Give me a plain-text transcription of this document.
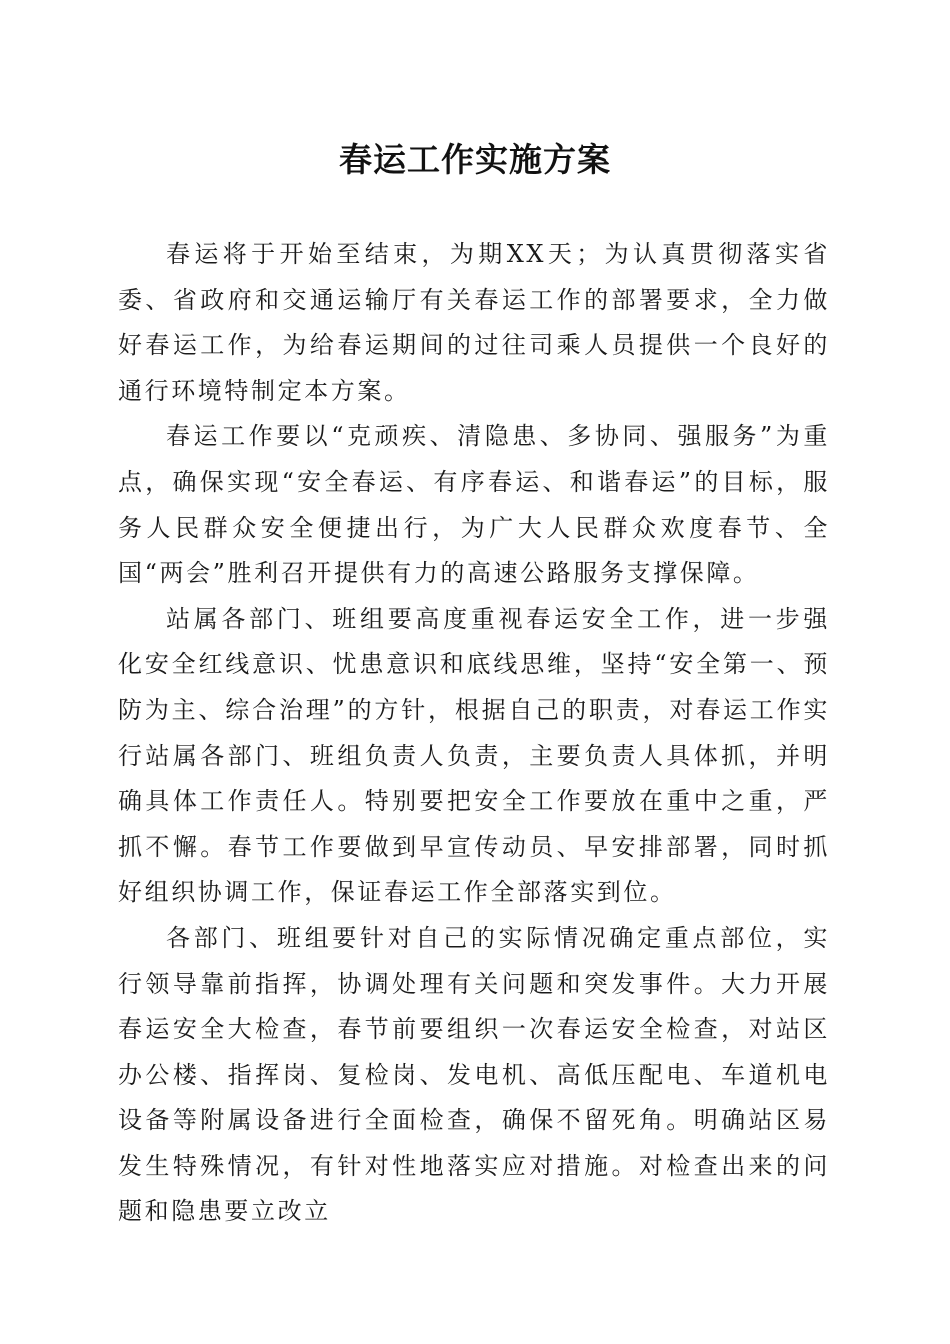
春运工作实施方案

春运将于开始至结束，为期XX天；为认真贯彻落实省委、省政府和交通运输厅有关春运工作的部署要求，全力做好春运工作，为给春运期间的过往司乘人员提供一个良好的通行环境特制定本方案。

春运工作要以“克顽疾、清隐患、多协同、强服务”为重点，确保实现“安全春运、有序春运、和谐春运”的目标，服务人民群众安全便捷出行，为广大人民群众欢度春节、全国“两会”胜利召开提供有力的高速公路服务支撑保障。

站属各部门、班组要高度重视春运安全工作，进一步强化安全红线意识、忧患意识和底线思维，坚持“安全第一、预防为主、综合治理”的方针，根据自己的职责，对春运工作实行站属各部门、班组负责人负责，主要负责人具体抓，并明确具体工作责任人。特别要把安全工作要放在重中之重，严抓不懈。春节工作要做到早宣传动员、早安排部署，同时抓好组织协调工作，保证春运工作全部落实到位。

各部门、班组要针对自己的实际情况确定重点部位，实行领导靠前指挥，协调处理有关问题和突发事件。大力开展春运安全大检查，春节前要组织一次春运安全检查，对站区办公楼、指挥岗、复检岗、发电机、高低压配电、车道机电设备等附属设备进行全面检查，确保不留死角。明确站区易发生特殊情况，有针对性地落实应对措施。对检查出来的问题和隐患要立改立
